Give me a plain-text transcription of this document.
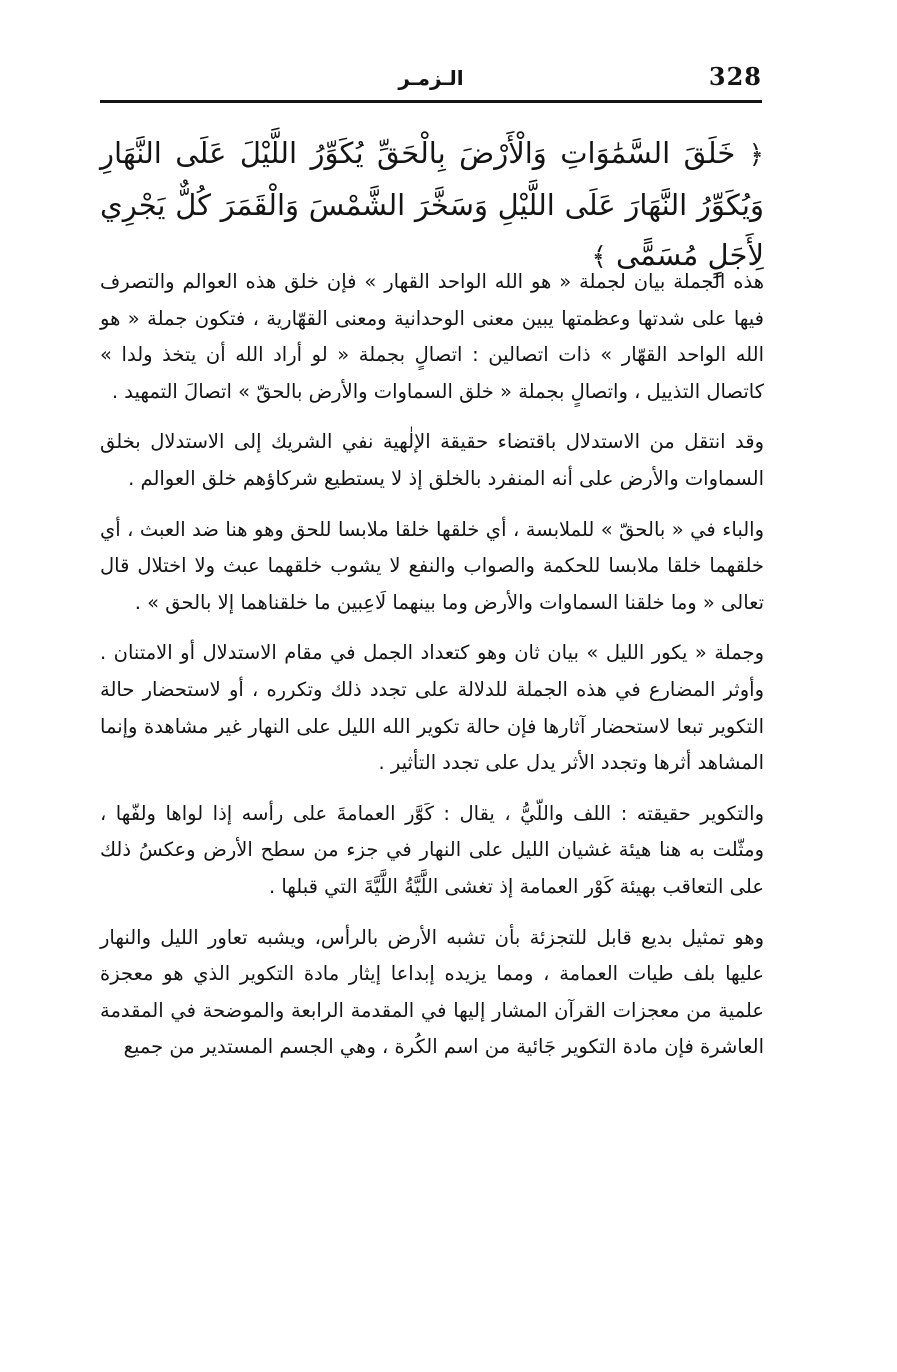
328
الـزمـر
﴿ خَلَقَ السَّمَٰوَاتِ وَالْأَرْضَ بِالْحَقِّ يُكَوِّرُ اللَّيْلَ عَلَى النَّهَارِ وَيُكَوِّرُ النَّهَارَ عَلَى اللَّيْلِ وَسَخَّرَ الشَّمْسَ وَالْقَمَرَ كُلٌّ يَجْرِي لِأَجَلٍ مُسَمًّى ﴾

هذه الجملة بيان لجملة « هو الله الواحد القهار » فإن خلق هذه العوالم والتصرف فيها على شدتها وعظمتها يبين معنى الوحدانية ومعنى القهّارية ، فتكون جملة « هو الله الواحد القهّار » ذات اتصالين : اتصالٍ بجملة « لو أراد الله أن يتخذ ولدا » كاتصال التذييل ، واتصالٍ بجملة « خلق السماوات والأرض بالحقّ » اتصالَ التمهيد .

وقد انتقل من الاستدلال باقتضاء حقيقة الإلٰهية نفي الشريك إلى الاستدلال بخلق السماوات والأرض على أنه المنفرد بالخلق إذ لا يستطيع شركاؤهم خلق العوالم .

والباء في « بالحقّ » للملابسة ، أي خلقها خلقا ملابسا للحق وهو هنا ضد العبث ، أي خلقهما خلقا ملابسا للحكمة والصواب والنفع لا يشوب خلقهما عبث ولا اختلال قال تعالى « وما خلقنا السماوات والأرض وما بينهما لَاعِبين ما خلقناهما إلا بالحق » .

وجملة « يكور الليل » بيان ثان وهو كتعداد الجمل في مقام الاستدلال أو الامتنان . وأوثر المضارع في هذه الجملة للدلالة على تجدد ذلك وتكرره ، أو لاستحضار حالة التكوير تبعا لاستحضار آثارها فإن حالة تكوير الله الليل على النهار غير مشاهدة وإنما المشاهد أثرها وتجدد الأثر يدل على تجدد التأثير .

والتكوير حقيقته : اللف واللّيُّ ، يقال : كَوَّر العمامةَ على رأسه إذا لواها ولفّها ، ومثّلت به هنا هيئة غشيان الليل على النهار في جزء من سطح الأرض وعكسُ ذلك على التعاقب بهيئة كَوْر العمامة إذ تغشى اللَّيَّةُ اللَّيَّةَ التي قبلها .

وهو تمثيل بديع قابل للتجزئة بأن تشبه الأرض بالرأس، ويشبه تعاور الليل والنهار عليها بلف طيات العمامة ، ومما يزيده إبداعا إيثار مادة التكوير الذي هو معجزة علمية من معجزات القرآن المشار إليها في المقدمة الرابعة والموضحة في المقدمة العاشرة فإن مادة التكوير جَائية من اسم الكُرة ، وهي الجسم المستدير من جميع
